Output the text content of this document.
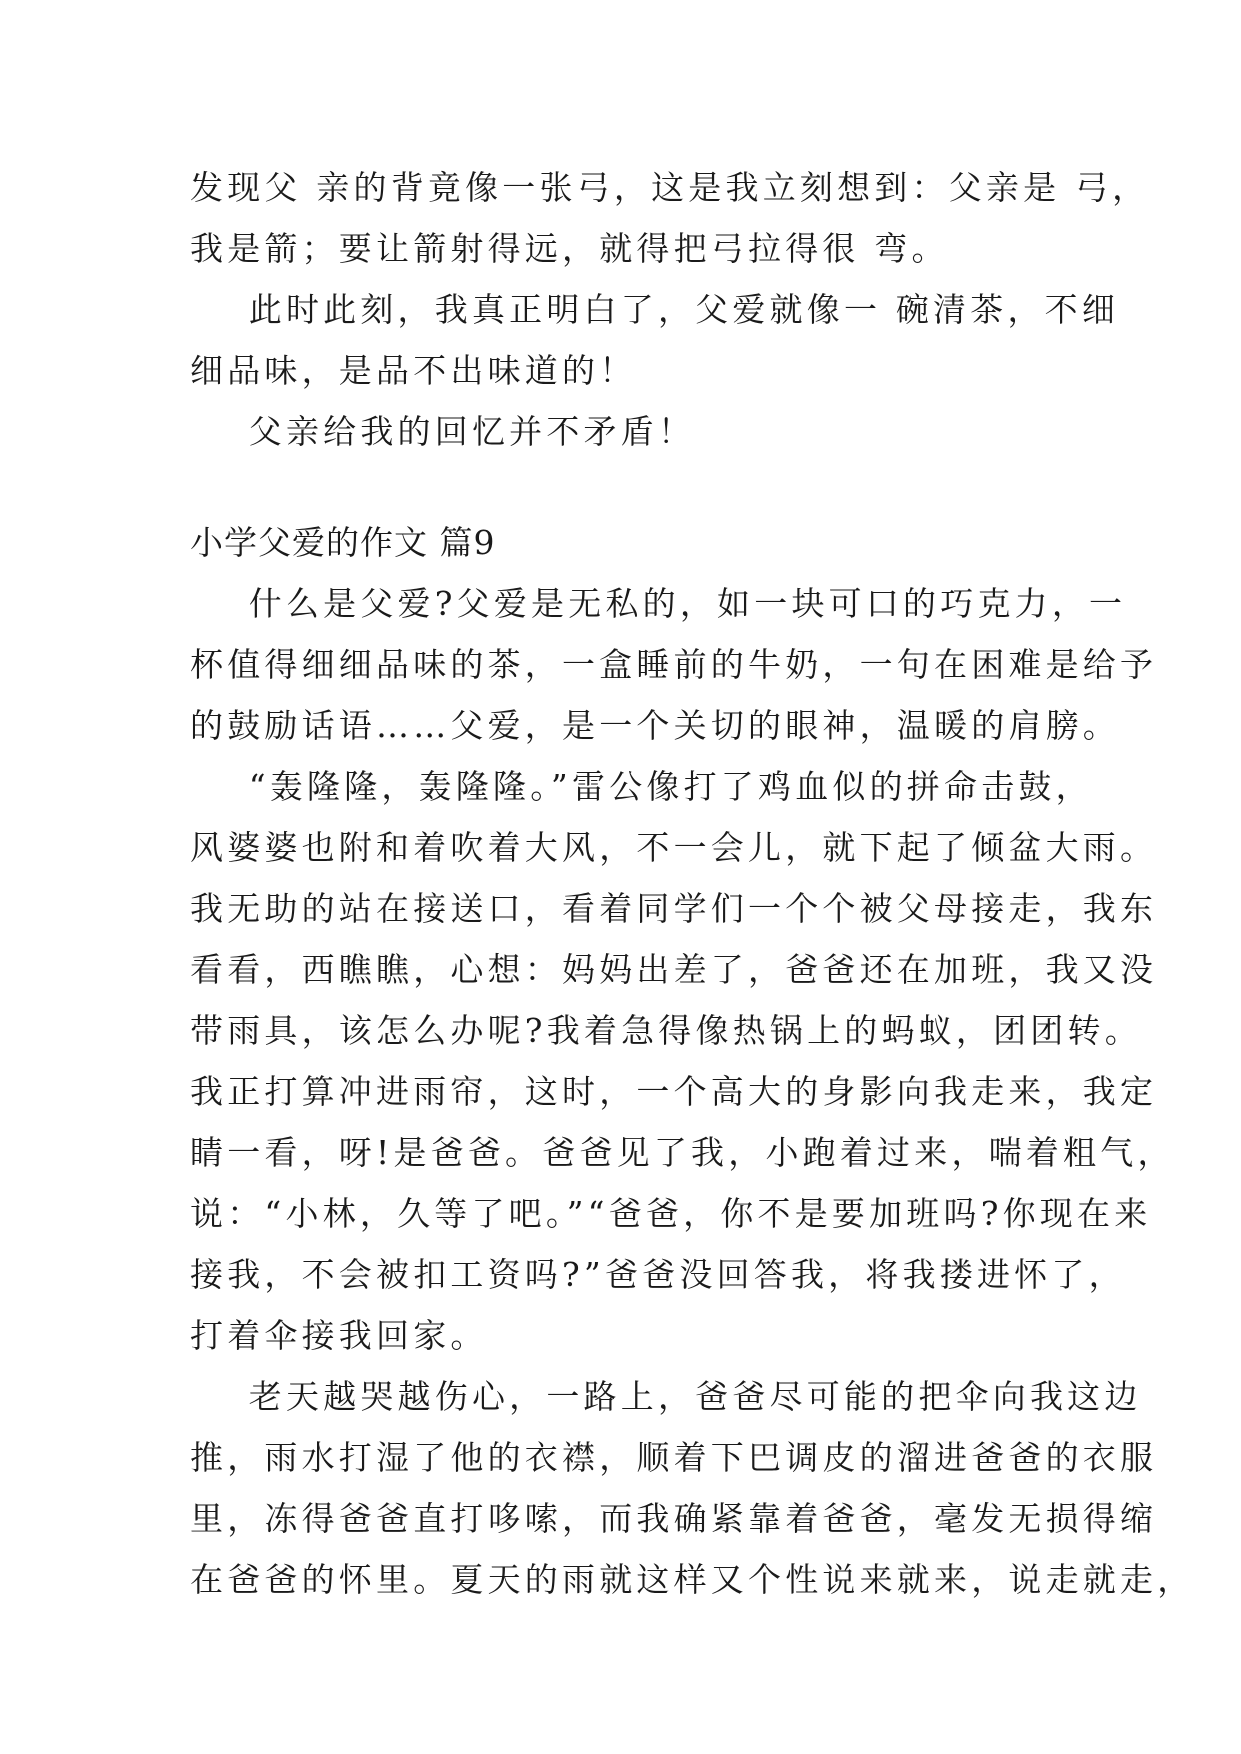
发现父 亲的背竟像一张弓，这是我立刻想到：父亲是 弓，

我是箭；要让箭射得远，就得把弓拉得很 弯。

此时此刻，我真正明白了，父爱就像一 碗清茶，不细

细品味，是品不出味道的！

父亲给我的回忆并不矛盾！

小学父爱的作文 篇9

什么是父爱?父爱是无私的，如一块可口的巧克力，一

杯值得细细品味的茶，一盒睡前的牛奶，一句在困难是给予

的鼓励话语……父爱，是一个关切的眼神，温暖的肩膀。

“轰隆隆，轰隆隆。”雷公像打了鸡血似的拼命击鼓，

风婆婆也附和着吹着大风，不一会儿，就下起了倾盆大雨。

我无助的站在接送口，看着同学们一个个被父母接走，我东

看看，西瞧瞧，心想：妈妈出差了，爸爸还在加班，我又没

带雨具，该怎么办呢?我着急得像热锅上的蚂蚁，团团转。

我正打算冲进雨帘，这时，一个高大的身影向我走来，我定

睛一看，呀!是爸爸。爸爸见了我，小跑着过来，喘着粗气，

说：“小林，久等了吧。”“爸爸，你不是要加班吗?你现在来

接我，不会被扣工资吗?”爸爸没回答我，将我搂进怀了，

打着伞接我回家。

老天越哭越伤心，一路上，爸爸尽可能的把伞向我这边

推，雨水打湿了他的衣襟，顺着下巴调皮的溜进爸爸的衣服

里，冻得爸爸直打哆嗦，而我确紧靠着爸爸，毫发无损得缩

在爸爸的怀里。夏天的雨就这样又个性说来就来，说走就走，
